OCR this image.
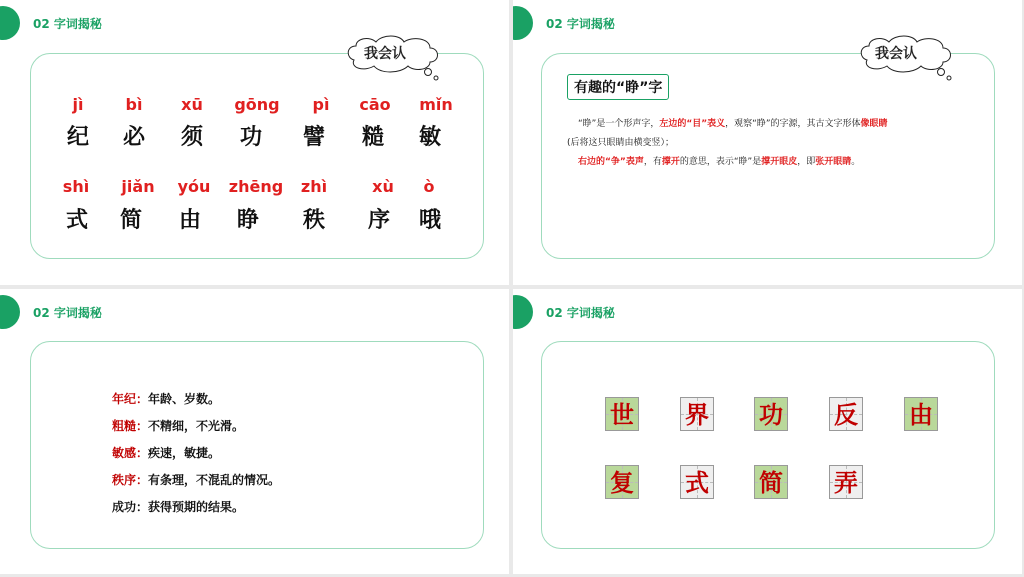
02 字词揭秘
我会认
jì
纪
bì
必
xū
须
gōng
功
pì
譬
cāo
糙
mǐn
敏
shì
式
jiǎn
简
yóu
由
zhēng
睁
zhì
秩
xù
序
ò
哦
02 字词揭秘
我会认
有趣的“睁”字
“睁”是一个形声字，左边的“目”表义，观察“睁”的字源，其古文字形体像眼睛
(后将这只眼睛由横变竖）；
右边的“争”表声，有撑开的意思，表示“睁”是撑开眼皮，即张开眼睛。
02 字词揭秘
年纪：年龄、岁数。
粗糙：不精细，不光滑。
敏感：疾速，敏捷。
秩序：有条理，不混乱的情况。
成功：获得预期的结果。
02 字词揭秘
世 界 功 反 由
复 式 简 弄
